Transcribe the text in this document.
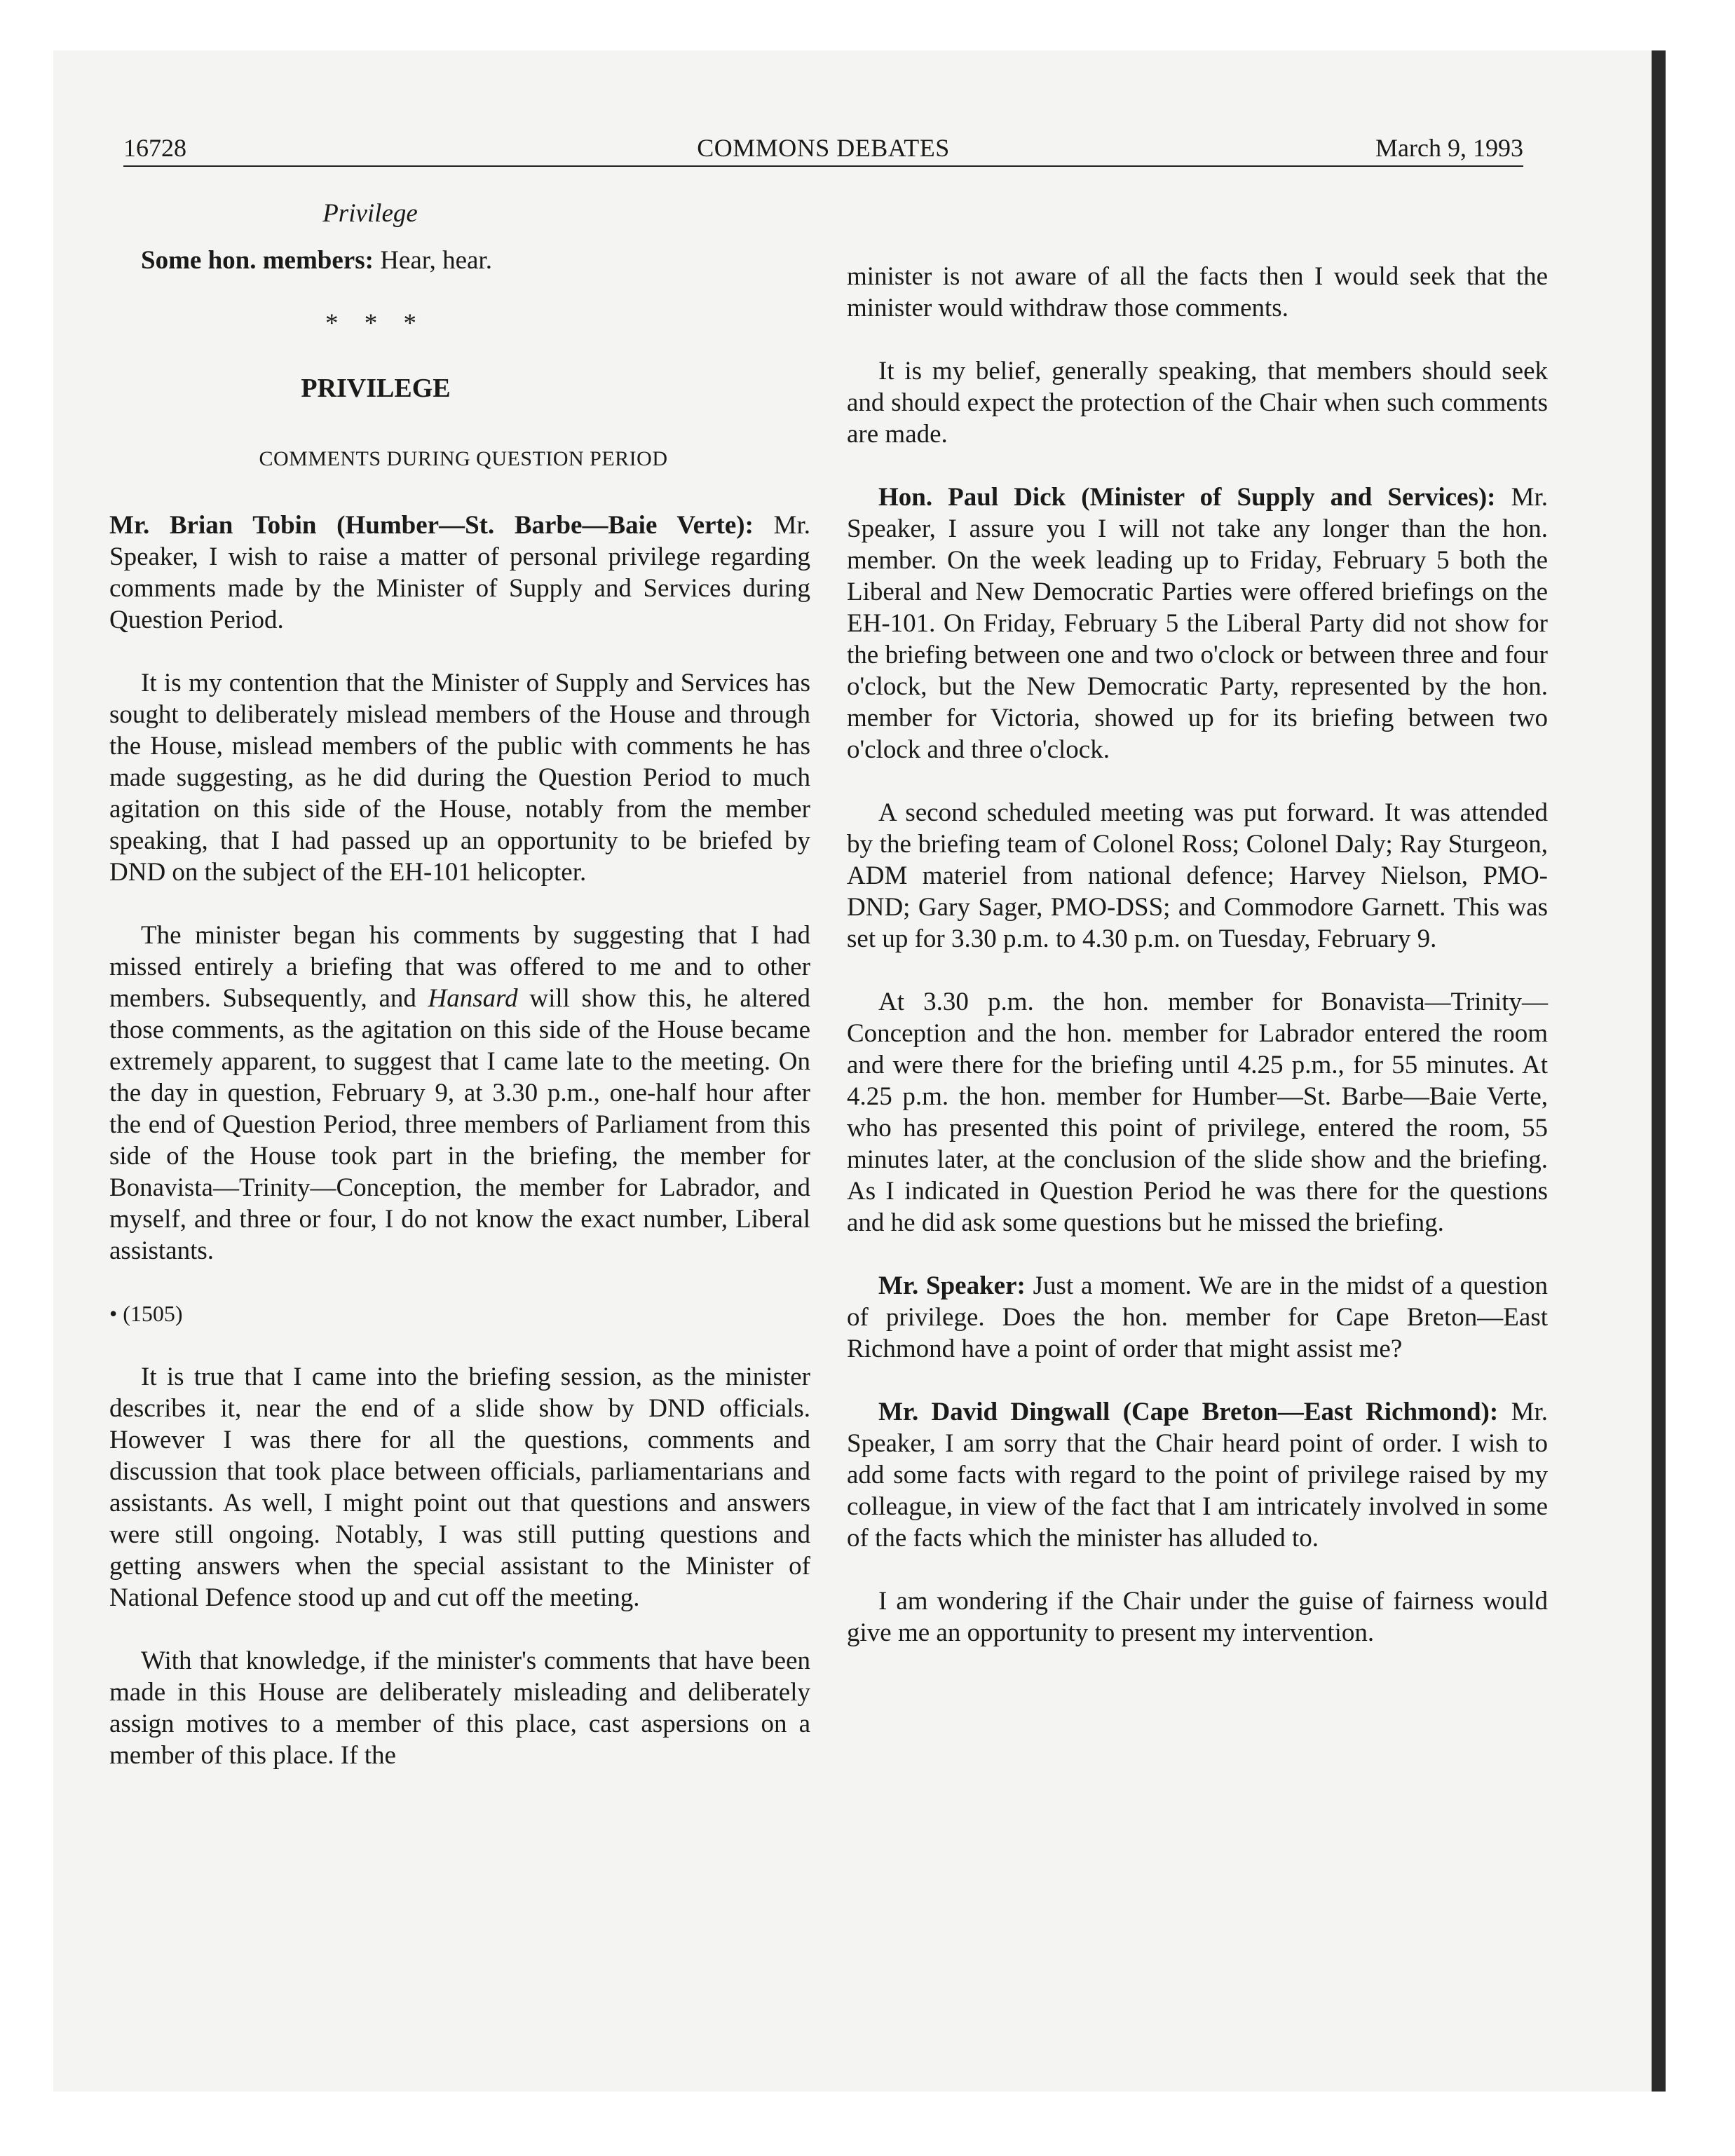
16728	COMMONS DEBATES	March 9, 1993
Privilege

Some hon. members: Hear, hear.

* * *
PRIVILEGE
COMMENTS DURING QUESTION PERIOD

Mr. Brian Tobin (Humber—St. Barbe—Baie Verte): Mr. Speaker, I wish to raise a matter of personal privilege regarding comments made by the Minister of Supply and Services during Question Period.

It is my contention that the Minister of Supply and Services has sought to deliberately mislead members of the House and through the House, mislead members of the public with comments he has made suggesting, as he did during the Question Period to much agitation on this side of the House, notably from the member speaking, that I had passed up an opportunity to be briefed by DND on the subject of the EH-101 helicopter.

The minister began his comments by suggesting that I had missed entirely a briefing that was offered to me and to other members. Subsequently, and Hansard will show this, he altered those comments, as the agitation on this side of the House became extremely apparent, to suggest that I came late to the meeting. On the day in question, February 9, at 3.30 p.m., one-half hour after the end of Question Period, three members of Parliament from this side of the House took part in the briefing, the member for Bonavista—Trinity—Conception, the member for Labrador, and myself, and three or four, I do not know the exact number, Liberal assistants.

• (1505)

It is true that I came into the briefing session, as the minister describes it, near the end of a slide show by DND officials. However I was there for all the questions, comments and discussion that took place between officials, parliamentarians and assistants. As well, I might point out that questions and answers were still ongoing. Notably, I was still putting questions and getting answers when the special assistant to the Minister of National Defence stood up and cut off the meeting.

With that knowledge, if the minister's comments that have been made in this House are deliberately misleading and deliberately assign motives to a member of this place, cast aspersions on a member of this place. If the

minister is not aware of all the facts then I would seek that the minister would withdraw those comments.

It is my belief, generally speaking, that members should seek and should expect the protection of the Chair when such comments are made.

Hon. Paul Dick (Minister of Supply and Services): Mr. Speaker, I assure you I will not take any longer than the hon. member. On the week leading up to Friday, February 5 both the Liberal and New Democratic Parties were offered briefings on the EH-101. On Friday, February 5 the Liberal Party did not show for the briefing between one and two o'clock or between three and four o'clock, but the New Democratic Party, represented by the hon. member for Victoria, showed up for its briefing between two o'clock and three o'clock.

A second scheduled meeting was put forward. It was attended by the briefing team of Colonel Ross; Colonel Daly; Ray Sturgeon, ADM materiel from national defence; Harvey Nielson, PMO-DND; Gary Sager, PMO-DSS; and Commodore Garnett. This was set up for 3.30 p.m. to 4.30 p.m. on Tuesday, February 9.

At 3.30 p.m. the hon. member for Bonavista—Trinity—Conception and the hon. member for Labrador entered the room and were there for the briefing until 4.25 p.m., for 55 minutes. At 4.25 p.m. the hon. member for Humber—St. Barbe—Baie Verte, who has presented this point of privilege, entered the room, 55 minutes later, at the conclusion of the slide show and the briefing. As I indicated in Question Period he was there for the questions and he did ask some questions but he missed the briefing.

Mr. Speaker: Just a moment. We are in the midst of a question of privilege. Does the hon. member for Cape Breton—East Richmond have a point of order that might assist me?

Mr. David Dingwall (Cape Breton—East Richmond): Mr. Speaker, I am sorry that the Chair heard point of order. I wish to add some facts with regard to the point of privilege raised by my colleague, in view of the fact that I am intricately involved in some of the facts which the minister has alluded to.

I am wondering if the Chair under the guise of fairness would give me an opportunity to present my intervention.
